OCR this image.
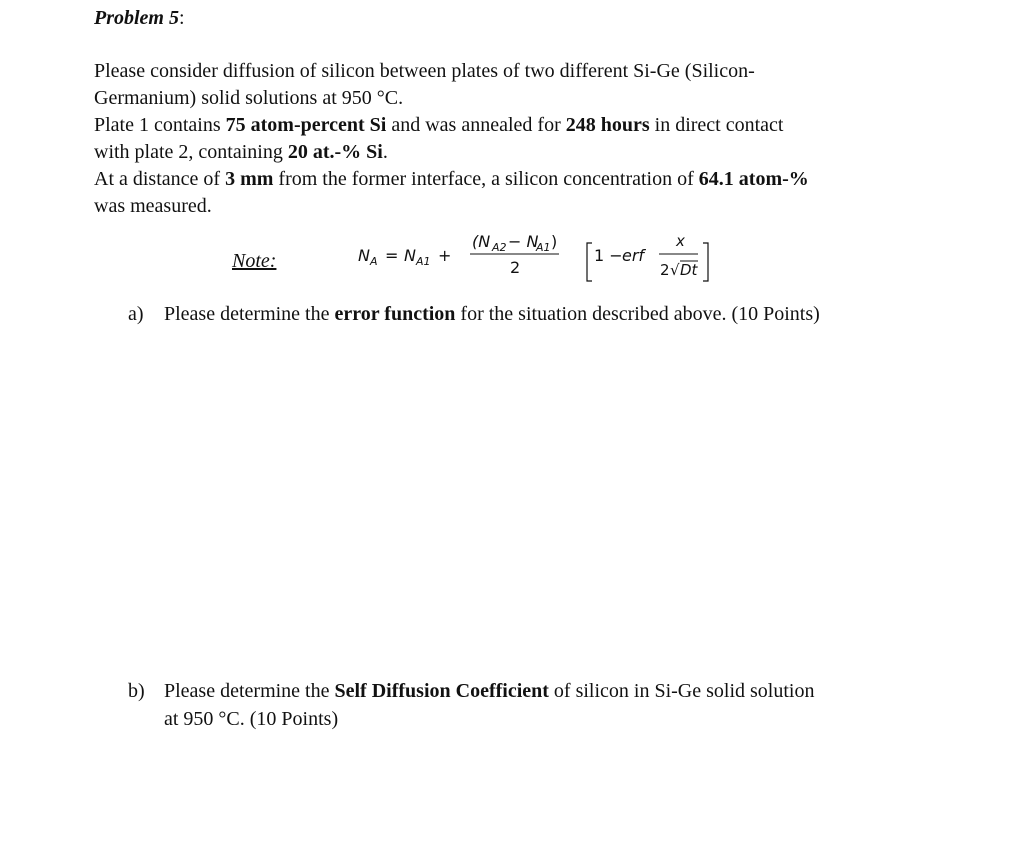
Problem 5:
Please consider diffusion of silicon between plates of two different Si-Ge (Silicon-
Germanium) solid solutions at 950 °C.
Plate 1 contains 75 atom-percent Si and was annealed for 248 hours in direct contact
with plate 2, containing 20 at.-% Si.
At a distance of 3 mm from the former interface, a silicon concentration of 64.1 atom-%
was measured.
Note:	N A = N A1 +
(N A2 − N
A1 )
2
1 − erf
x
2 √ Dt
a) Please determine the error function for the situation described above. (10 Points)
b) Please determine the Self Diffusion Coefficient of silicon in Si-Ge solid solution
at 950 °C. (10 Points)
